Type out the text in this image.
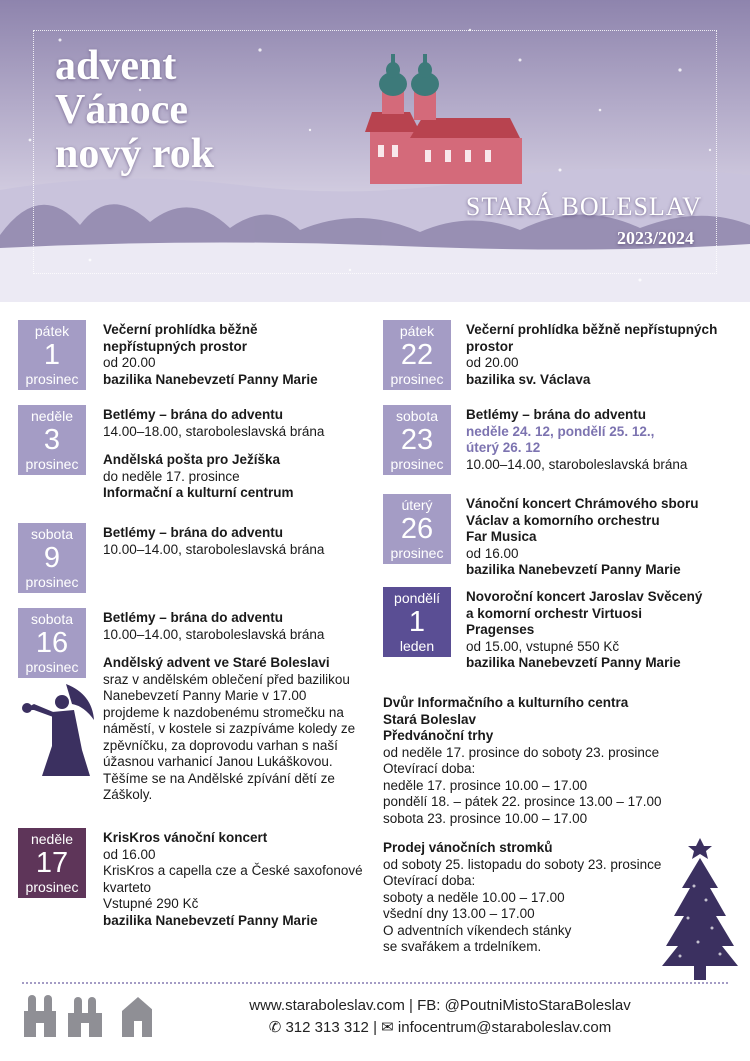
advent
Vánoce
nový rok
STARÁ BOLESLAV
2023/2024
pátek
1
prosinec
Večerní prohlídka běžně
nepřístupných prostor
od 20.00
bazilika Nanebevzetí Panny Marie
neděle
3
prosinec
Betlémy – brána do adventu
14.00–18.00, staroboleslavská brána
Andělská pošta pro Ježíška
do neděle 17. prosince
Informační a kulturní centrum
sobota
9
prosinec
Betlémy – brána do adventu
10.00–14.00, staroboleslavská brána
sobota
16
prosinec
Betlémy – brána do adventu
10.00–14.00, staroboleslavská brána
Andělský advent ve Staré Boleslavi
sraz v andělském oblečení před bazilikou
Nanebevzetí Panny Marie v 17.00
projdeme k nazdobenému stromečku na
náměstí, v kostele si zazpíváme koledy ze
zpěvníčku, za doprovodu varhan s naší
úžasnou varhanicí Janou Lukáškovou.
Těšíme se na Andělské zpívání dětí ze
Záškoly.
neděle
17
prosinec
KrisKros vánoční koncert
od 16.00
KrisKros a capella cze a České saxofonové
kvarteto
Vstupné 290 Kč
bazilika Nanebevzetí Panny Marie
pátek
22
prosinec
Večerní prohlídka běžně nepřístupných
prostor
od 20.00
bazilika sv. Václava
sobota
23
prosinec
Betlémy – brána do adventu
neděle 24. 12, pondělí 25. 12.,
úterý 26. 12
10.00–14.00, staroboleslavská brána
úterý
26
prosinec
Vánoční koncert Chrámového sboru
Václav a komorního orchestru
Far Musica
od 16.00
bazilika Nanebevzetí Panny Marie
pondělí
1
leden
Novoroční koncert Jaroslav Svěcený
a komorní orchestr Virtuosi
Pragenses
od 15.00, vstupné 550 Kč
bazilika Nanebevzetí Panny Marie
Dvůr Informačního a kulturního centra
Stará Boleslav
Předvánoční trhy
od neděle 17. prosince do soboty 23. prosince
Otevírací doba:
neděle 17. prosince 10.00 – 17.00
pondělí 18. – pátek 22. prosince 13.00 – 17.00
sobota 23. prosince 10.00 – 17.00
Prodej vánočních stromků
od soboty 25. listopadu do soboty 23. prosince
Otevírací doba:
soboty a neděle 10.00 – 17.00
všední dny 13.00 – 17.00
O adventních víkendech stánky
se svařákem a trdelníkem.
www.staraboleslav.com | FB: @PoutniMistoStaraBoleslav
✆ 312 313 312 | ✉ infocentrum@staraboleslav.com
